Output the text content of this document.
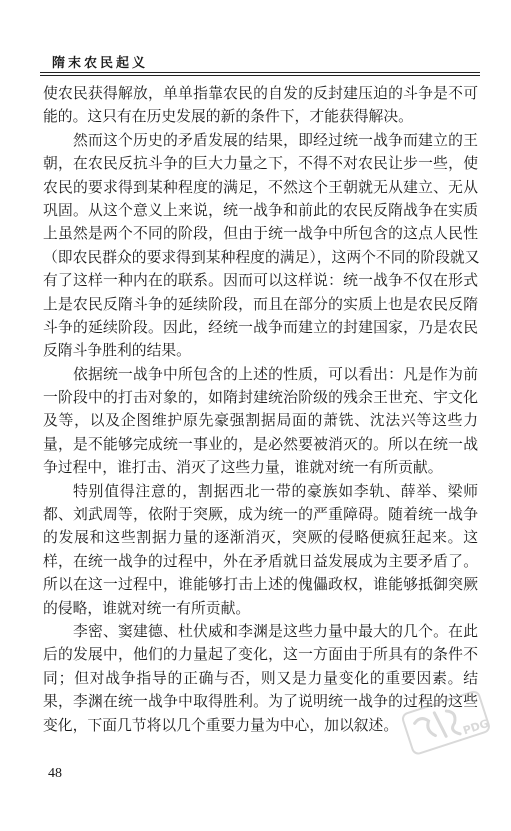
隋末农民起义
使农民获得解放，单单指靠农民的自发的反封建压迫的斗争是不可
能的。这只有在历史发展的新的条件下，才能获得解决。
然而这个历史的矛盾发展的结果，即经过统一战争而建立的王
朝，在农民反抗斗争的巨大力量之下，不得不对农民让步一些，使
农民的要求得到某种程度的满足，不然这个王朝就无从建立、无从
巩固。从这个意义上来说，统一战争和前此的农民反隋战争在实质
上虽然是两个不同的阶段，但由于统一战争中所包含的这点人民性
（即农民群众的要求得到某种程度的满足），这两个不同的阶段就又
有了这样一种内在的联系。因而可以这样说：统一战争不仅在形式
上是农民反隋斗争的延续阶段，而且在部分的实质上也是农民反隋
斗争的延续阶段。因此，经统一战争而建立的封建国家，乃是农民
反隋斗争胜利的结果。
依据统一战争中所包含的上述的性质，可以看出：凡是作为前
一阶段中的打击对象的，如隋封建统治阶级的残余王世充、宇文化
及等，以及企图维护原先豪强割据局面的萧铣、沈法兴等这些力
量，是不能够完成统一事业的，是必然要被消灭的。所以在统一战
争过程中，谁打击、消灭了这些力量，谁就对统一有所贡献。
特别值得注意的，割据西北一带的豪族如李轨、薛举、梁师
都、刘武周等，依附于突厥，成为统一的严重障碍。随着统一战争
的发展和这些割据力量的逐渐消灭，突厥的侵略便疯狂起来。这
样，在统一战争的过程中，外在矛盾就日益发展成为主要矛盾了。
所以在这一过程中，谁能够打击上述的傀儡政权，谁能够抵御突厥
的侵略，谁就对统一有所贡献。
李密、窦建德、杜伏威和李渊是这些力量中最大的几个。在此
后的发展中，他们的力量起了变化，这一方面由于所具有的条件不
同；但对战争指导的正确与否，则又是力量变化的重要因素。结
果，李渊在统一战争中取得胜利。为了说明统一战争的过程的这些
变化，下面几节将以几个重要力量为中心，加以叙述。
48
PDG
